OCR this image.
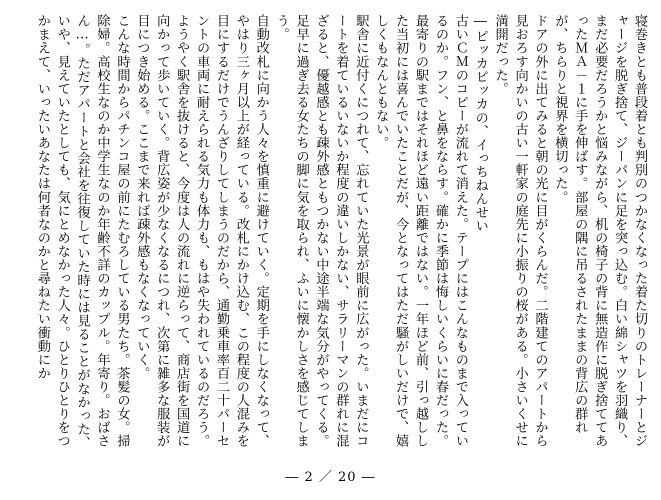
寝巻きとも普段着とも判別のつかなくなった着た切りのトレーナーとジャージを脱ぎ捨て、ジーパンに足を突っ込む。白い綿シャツを羽織り、まだ必要だろうかと悩みながら、机の椅子の背に無造作に脱ぎ捨ててあったＭＡ－１に手を伸ばす。部屋の隅に吊るされたままの背広の群れが、ちらりと視界を横切った。

ドアの外に出てみると朝の光に目がくらんだ。二階建てのアパートから見おろす向かいの古い一軒家の庭先に小振りの桜がある。小さいくせに満開だった。

―ピッカピッカの、イっちねんせい

古いＣＭのコピーが流れて消えた。テープにはこんなものまで入っているのか。フン、と鼻をならす。確かに季節は悔しいくらいに春だった。

最寄りの駅まではそれほど遠い距離ではない。一年ほど前、引っ越しした当初には喜んでいたことだが、今となってはただ騒がしいだけで、嬉しくもなんともない。

駅舎に近付くにつれて、忘れていた光景が眼前に広がった。いまだにコートを着ているいないか程度の違いしかない、サラリーマンの群れに混ざると、優越感とも疎外感ともつかない中途半端な気分がやってくる。足早に過ぎ去る女たちの脚に気を取られ、ふいに懐かしさを感じてしまう。

自動改札に向かう人々を慎重に避けていく。定期を手にしなくなって、やはり三ヶ月以上が経っている。改札にかけ込む、この程度の人混みを目にするだけでうんざりしてしまうのだから、通勤乗車率百二十パーセントの車両に耐えられる気力も体力も、もはや失われているのだろう。

ようやく駅舎を抜けると、今度は人の流れに逆らって、商店街を国道に向かって歩いていく。背広姿が少なくなるにつれ、次第に雑多な服装が目につき始める。ここまで来れば疎外感もなくなっていく。

こんな時間からパチンコ屋の前にたむろしている男たち。茶髪の女。掃除婦。高校生なのか中学生なのか年齢不詳のカップル。年寄り。おばさん…。ただアパートと会社を往復していた時には見ることがなかった、いや、見えていたとしても、気にとめなかった人々。ひとりひとりをつかまえて、いったいあなたは何者なのかと尋ねたい衝動にか

― 2 ／ 20 ―
